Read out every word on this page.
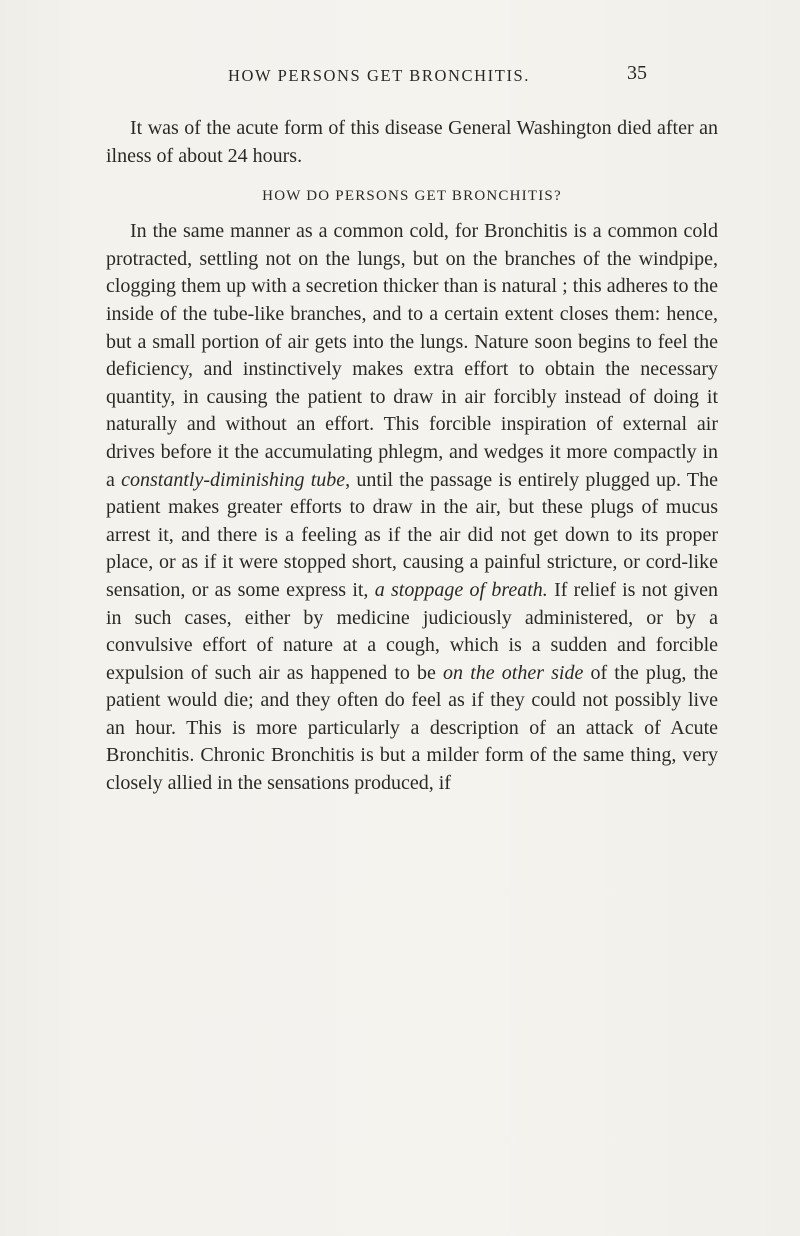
HOW PERSONS GET BRONCHITIS.	35

It was of the acute form of this disease General Washington died after an ilness of about 24 hours.

HOW DO PERSONS GET BRONCHITIS?

In the same manner as a common cold, for Bronchitis is a common cold protracted, settling not on the lungs, but on the branches of the windpipe, clogging them up with a secretion thicker than is natural ; this adheres to the inside of the tube-like branches, and to a certain extent closes them: hence, but a small portion of air gets into the lungs. Nature soon begins to feel the deficiency, and instinctively makes extra effort to obtain the necessary quantity, in causing the patient to draw in air forcibly instead of doing it naturally and without an effort. This forcible inspiration of external air drives before it the accumulating phlegm, and wedges it more compactly in a constantly-diminishing tube, until the passage is entirely plugged up. The patient makes greater efforts to draw in the air, but these plugs of mucus arrest it, and there is a feeling as if the air did not get down to its proper place, or as if it were stopped short, causing a painful stricture, or cord-like sensation, or as some express it, a stoppage of breath. If relief is not given in such cases, either by medicine judiciously administered, or by a convulsive effort of nature at a cough, which is a sudden and forcible expulsion of such air as happened to be on the other side of the plug, the patient would die; and they often do feel as if they could not possibly live an hour. This is more particularly a description of an attack of Acute Bronchitis. Chronic Bronchitis is but a milder form of the same thing, very closely allied in the sensations produced, if
